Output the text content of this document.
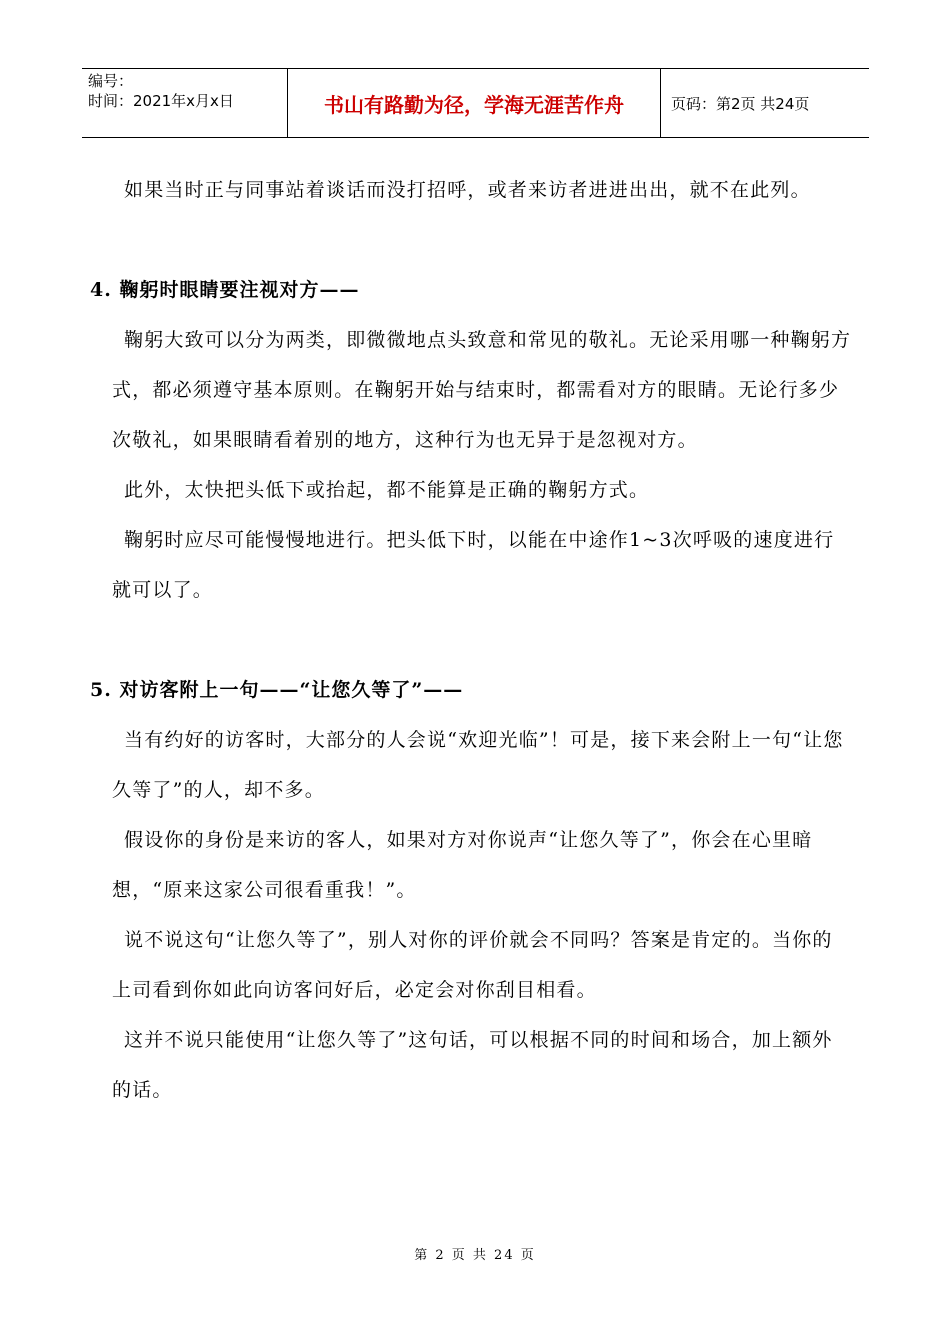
编号：
时间：2021年x月x日	书山有路勤为径，学海无涯苦作舟	页码：第2页 共24页

如果当时正与同事站着谈话而没打招呼，或者来访者进进出出，就不在此列。

4. 鞠躬时眼睛要注视对方——

鞠躬大致可以分为两类，即微微地点头致意和常见的敬礼。无论采用哪一种鞠躬方式，都必须遵守基本原则。在鞠躬开始与结束时，都需看对方的眼睛。无论行多少次敬礼，如果眼睛看着别的地方，这种行为也无异于是忽视对方。

此外，太快把头低下或抬起，都不能算是正确的鞠躬方式。

鞠躬时应尽可能慢慢地进行。把头低下时，以能在中途作1~3次呼吸的速度进行就可以了。

5. 对访客附上一句——“让您久等了”——

当有约好的访客时，大部分的人会说“欢迎光临”！可是，接下来会附上一句“让您久等了”的人，却不多。

假设你的身份是来访的客人，如果对方对你说声“让您久等了”，你会在心里暗想，“原来这家公司很看重我！”。

说不说这句“让您久等了”，别人对你的评价就会不同吗？答案是肯定的。当你的上司看到你如此向访客问好后，必定会对你刮目相看。

这并不说只能使用“让您久等了”这句话，可以根据不同的时间和场合，加上额外的话。

第 2 页 共 24 页
